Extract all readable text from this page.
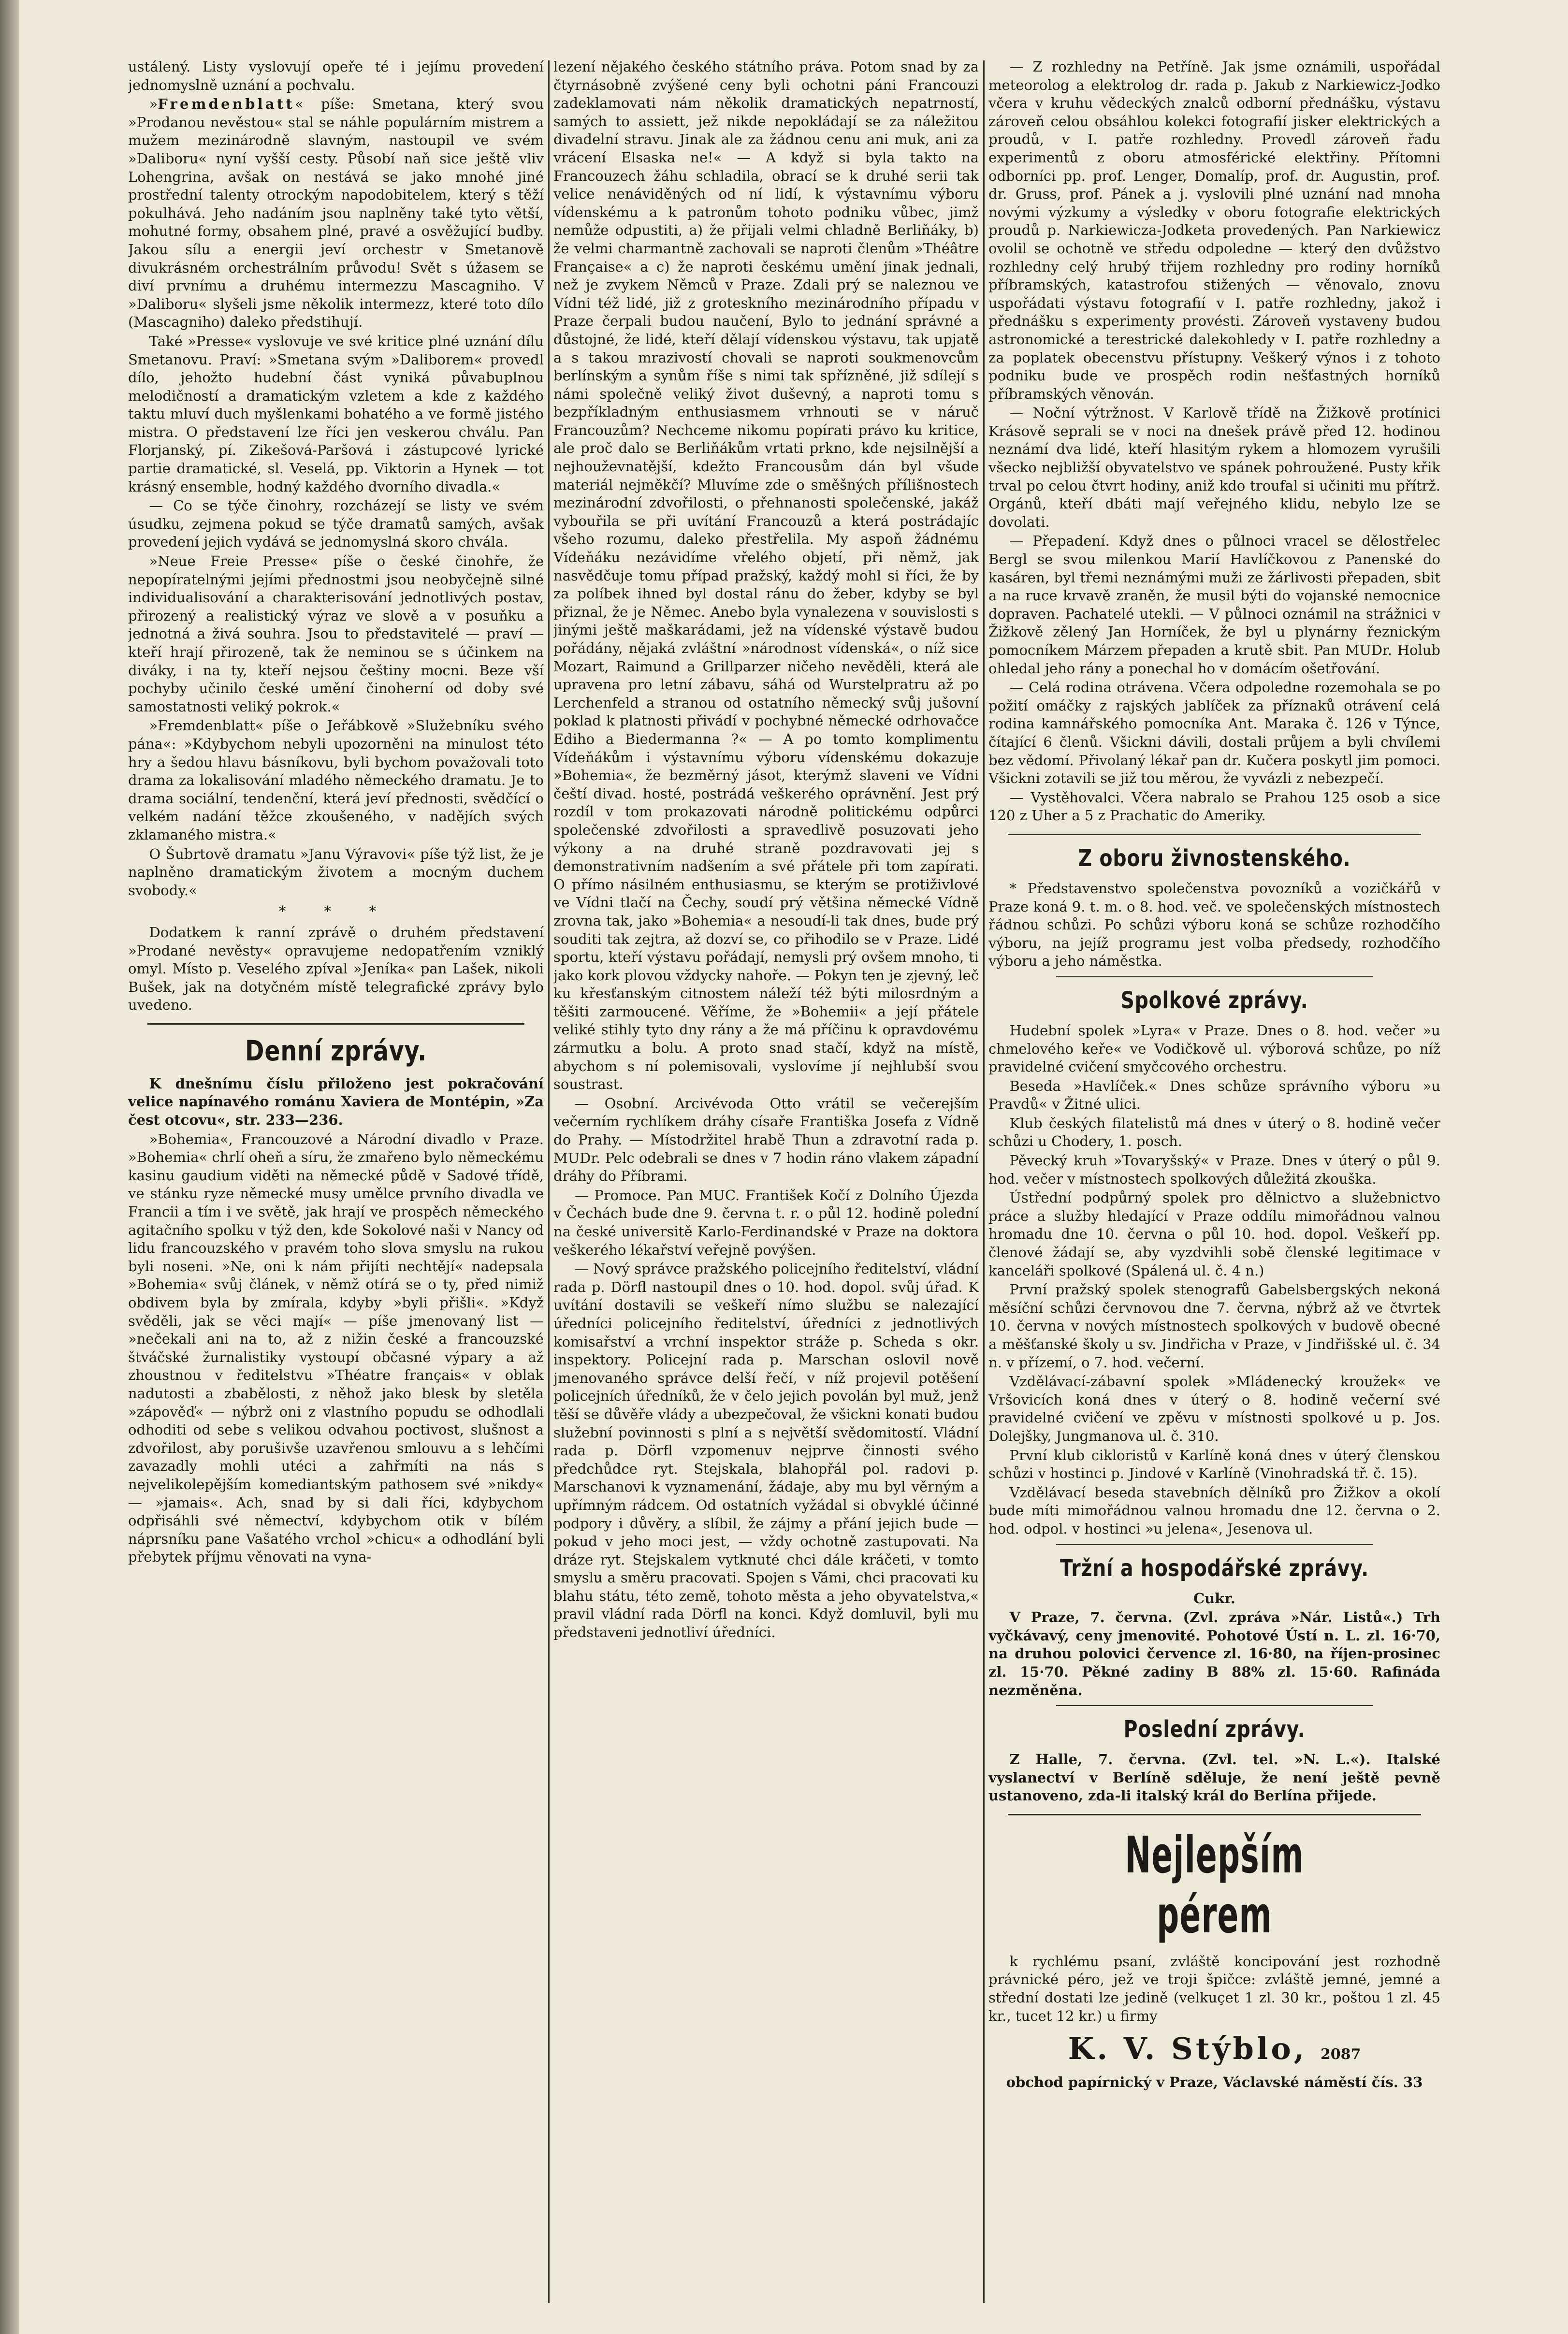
ustálený. Listy vyslovují opeře té i jejímu provedení jednomyslně uznání a pochvalu.

»Fremdenblatt« píše: Smetana, který svou »Prodanou nevěstou« stal se náhle populárním mistrem a mužem mezinárodně slavným, nastoupil ve svém »Daliboru« nyní vyšší cesty. Působí naň sice ještě vliv Lohengrina, avšak on nestává se jako mnohé jiné prostřední talenty otrockým napodobitelem, který s těží pokulhává. Jeho nadáním jsou naplněny také tyto větší, mohutné formy, obsahem plné, pravé a osvěžující budby. Jakou sílu a energii jeví orchestr v Smetanově divukrásném orchestrálním průvodu! Svět s úžasem se diví prvnímu a druhému intermezzu Mascagniho. V »Daliboru« slyšeli jsme několik intermezz, které toto dílo (Mascagniho) daleko předstihují.

Také »Presse« vyslovuje ve své kritice plné uznání dílu Smetanovu. Praví: »Smetana svým »Daliborem« provedl dílo, jehožto hudební část vyniká půvabuplnou melodičností a dramatickým vzletem a kde z každého taktu mluví duch myšlenkami bohatého a ve formě jistého mistra. O představení lze říci jen veskerou chválu. Pan Florjanský, pí. Zikešová-Paršová i zástupcové lyrické partie dramatické, sl. Veselá, pp. Viktorin a Hynek — tot krásný ensemble, hodný každého dvorního divadla.«

— Co se týče činohry, rozcházejí se listy ve svém úsudku, zejmena pokud se týče dramatů samých, avšak provedení jejich vydává se jednomyslná skoro chvála.

»Neue Freie Presse« píše o české činohře, že nepopíratelnými jejími přednostmi jsou neobyčejně silné individualisování a charakterisování jednotlivých postav, přirozený a realistický výraz ve slově a v posuňku a jednotná a živá souhra. Jsou to představitelé — praví — kteří hrají přirozeně, tak že neminou se s účinkem na diváky, i na ty, kteří nejsou češtiny mocni. Beze vší pochyby učinilo české umění činoherní od doby své samostatnosti veliký pokrok.«

»Fremdenblatt« píše o Jeřábkově »Služebníku svého pána«: »Kdybychom nebyli upozorněni na minulost této hry a šedou hlavu básníkovu, byli bychom považovali toto drama za lokalisování mladého německého dramatu. Je to drama sociální, tendenční, která jeví přednosti, svědčící o velkém nadání těžce zkoušeného, v nadějích svých zklamaného mistra.«

O Šubrtově dramatu »Janu Výravovi« píše týž list, že je naplněno dramatickým životem a mocným duchem svobody.«

* * *

Dodatkem k ranní zprávě o druhém představení »Prodané nevěsty« opravujeme nedopatřením vzniklý omyl. Místo p. Veselého zpíval »Jeníka« pan Lašek, nikoli Bušek, jak na dotyčném místě telegrafické zprávy bylo uvedeno.

Denní zprávy.

K dnešnímu číslu přiloženo jest pokračování velice napínavého románu Xaviera de Montépin, »Za čest otcovu«, str. 233—236.

»Bohemia«, Francouzové a Národní divadlo v Praze. »Bohemia« chrlí oheň a síru, že zmařeno bylo německému kasinu gaudium viděti na německé půdě v Sadové třídě, ve stánku ryze německé musy umělce prvního divadla ve Francii a tím i ve světě, jak hrají ve prospěch německého agitačního spolku v týž den, kde Sokolové naši v Nancy od lidu francouzského v pravém toho slova smyslu na rukou byli noseni. »Ne, oni k nám přijíti nechtějí« nadepsala »Bohemia« svůj článek, v němž otírá se o ty, před nimiž obdivem byla by zmírala, kdyby »byli přišli«. »Když svěděli, jak se věci mají« — píše jmenovaný list — »nečekali ani na to, až z nižin české a francouzské štváčské žurnalistiky vystoupí občasné výpary a až zhoustnou v ředitelstvu »Théatre français« v oblak nadutosti a zbabělosti, z něhož jako blesk by sletěla »zápověď« — nýbrž oni z vlastního popudu se odhodlali odhoditi od sebe s velikou odvahou poctivost, slušnost a zdvořilost, aby porušivše uzavřenou smlouvu a s lehčími zavazadly mohli utéci a zahřmíti na nás s nejvelikolepějším komediantským pathosem své »nikdy« — »jamais«. Ach, snad by si dali říci, kdybychom odpřisáhli své němectví, kdybychom otik v bílém náprsníku pane Vašatého vrchol »chicu« a odhodlání byli přebytek příjmu věnovati na vyna-

lezení nějakého českého státního práva. Potom snad by za čtyrnásobně zvýšené ceny byli ochotni páni Francouzi zadeklamovati nám několik dramatických nepatrností, samých to assiett, jež nikde nepokládají se za náležitou divadelní stravu. Jinak ale za žádnou cenu ani muk, ani za vrácení Elsaska ne!« — A když si byla takto na Francouzech žáhu schladila, obrací se k druhé serii tak velice nenáviděných od ní lidí, k výstavnímu výboru vídenskému a k patronům tohoto podniku vůbec, jimž nemůže odpustiti, a) že přijali velmi chladně Berliňáky, b) že velmi charmantně zachovali se naproti členům »Théâtre Française« a c) že naproti českému umění jinak jednali, než je zvykem Němců v Praze. Zdali prý se naleznou ve Vídni též lidé, již z groteskního mezinárodního případu v Praze čerpali budou naučení, Bylo to jednání správné a důstojné, že lidé, kteří dělají vídenskou výstavu, tak upjatě a s takou mrazivostí chovali se naproti soukmenovcům berlínským a synům říše s nimi tak spřízněné, již sdílejí s námi společně veliký život duševný, a naproti tomu s bezpříkladným enthusiasmem vrhnouti se v náruč Francouzům? Nechceme nikomu popírati právo ku kritice, ale proč dalo se Berliňákům vrtati prkno, kde nejsilnější a nejhouževnatější, kdežto Francousům dán byl všude materiál nejměkčí? Mluvíme zde o směšných přílišnostech mezinárodní zdvořilosti, o přehnanosti společenské, jakáž vybouřila se při uvítání Francouzů a která postrádajíc všeho rozumu, daleko přestřelila. My aspoň žádnému Vídeňáku nezávidíme vřelého objetí, při němž, jak nasvědčuje tomu případ pražský, každý mohl si říci, že by za políbek ihned byl dostal ránu do žeber, kdyby se byl přiznal, že je Němec. Anebo byla vynalezena v souvislosti s jinými ještě maškarádami, jež na vídenské výstavě budou pořádány, nějaká zvláštní »národnost vídenská«, o níž sice Mozart, Raimund a Grillparzer ničeho nevěděli, která ale upravena pro letní zábavu, sáhá od Wurstelpratru až po Lerchenfeld a stranou od ostatního německý svůj jušovní poklad k platnosti přivádí v pochybné německé odrhovačce Ediho a Biedermanna ?« — A po tomto komplimentu Vídeňákům i výstavnímu výboru vídenskému dokazuje »Bohemia«, že bezměrný jásot, kterýmž slaveni ve Vídni čeští divad. hosté, postrádá veškerého oprávnění. Jest prý rozdíl v tom prokazovati národně politickému odpůrci společenské zdvořilosti a spravedlivě posuzovati jeho výkony a na druhé straně pozdravovati jej s demonstrativním nadšením a své přátele při tom zapírati. O přímo násilném enthusiasmu, se kterým se protiživlové ve Vídni tlačí na Čechy, soudí prý většina německé Vídně zrovna tak, jako »Bohemia« a nesoudí-li tak dnes, bude prý souditi tak zejtra, až dozví se, co přihodilo se v Praze. Lidé sportu, kteří výstavu pořádají, nemysli prý ovšem mnoho, ti jako kork plovou vždycky nahoře. — Pokyn ten je zjevný, leč ku křesťanským citnostem náleží též býti milosrdným a těšiti zarmoucené. Věříme, že »Bohemii« a její přátele veliké stihly tyto dny rány a že má příčinu k opravdovému zármutku a bolu. A proto snad stačí, když na místě, abychom s ní polemisovali, vyslovíme jí nejhlubší svou soustrast.

— Osobní. Arcivévoda Otto vrátil se večerejším večerním rychlíkem dráhy císaře Františka Josefa z Vídně do Prahy. — Místodržitel hrabě Thun a zdravotní rada p. MUDr. Pelc odebrali se dnes v 7 hodin ráno vlakem západní dráhy do Příbrami.

— Promoce. Pan MUC. František Kočí z Dolního Újezda v Čechách bude dne 9. června t. r. o půl 12. hodině polední na české universitě Karlo-Ferdinandské v Praze na doktora veškerého lékařství veřejně povýšen.

— Nový správce pražského policejního ředitelství, vládní rada p. Dörfl nastoupil dnes o 10. hod. dopol. svůj úřad. K uvítání dostavili se veškeří nímo službu se nalezající úředníci policejního ředitelství, úředníci z jednotlivých komisařství a vrchní inspektor stráže p. Scheda s okr. inspektory. Policejní rada p. Marschan oslovil nově jmenovaného správce delší řečí, v níž projevil potěšení policejních úředníků, že v čelo jejich povolán byl muž, jenž těší se důvěře vlády a ubezpečoval, že všickni konati budou služební povinnosti s plní a s největší svědomitostí. Vládní rada p. Dörfl vzpomenuv nejprve činnosti svého předchůdce ryt. Stejskala, blahopřál pol. radovi p. Marschanovi k vyznamenání, žádaje, aby mu byl věrným a upřímným rádcem. Od ostatních vyžádal si obvyklé účinné podpory i důvěry, a slíbil, že zájmy a přání jejich bude — pokud v jeho moci jest, — vždy ochotně zastupovati. Na dráze ryt. Stejskalem vytknuté chci dále kráčeti, v tomto smyslu a směru pracovati. Spojen s Vámi, chci pracovati ku blahu státu, této země, tohoto města a jeho obyvatelstva,« pravil vládní rada Dörfl na konci. Když domluvil, byli mu představeni jednotliví úředníci.

— Z rozhledny na Petříně. Jak jsme oznámili, uspořádal meteorolog a elektrolog dr. rada p. Jakub z Narkiewicz-Jodko včera v kruhu vědeckých znalců odborní přednášku, výstavu zároveň celou obsáhlou kolekci fotografií jisker elektrických a proudů, v I. patře rozhledny. Provedl zároveň řadu experimentů z oboru atmosférické elektřiny. Přítomni odborníci pp. prof. Lenger, Domalíp, prof. dr. Augustin, prof. dr. Gruss, prof. Pánek a j. vyslovili plné uznání nad mnoha novými výzkumy a výsledky v oboru fotografie elektrických proudů p. Narkiewicza-Jodketa provedených. Pan Narkiewicz ovolil se ochotně ve středu odpoledne — který den dvůžstvo rozhledny celý hrubý třijem rozhledny pro rodiny horníků příbramských, katastrofou stižených — věnovalo, znovu uspořádati výstavu fotografií v I. patře rozhledny, jakož i přednášku s experimenty provésti. Zároveň vystaveny budou astronomické a terestrické dalekohledy v I. patře rozhledny a za poplatek obecenstvu přístupny. Veškerý výnos i z tohoto podniku bude ve prospěch rodin nešťastných horníků příbramských věnován.

— Noční výtržnost. V Karlově třídě na Žižkově protínici Krásově seprali se v noci na dnešek právě před 12. hodinou neznámí dva lidé, kteří hlasitým rykem a hlomozem vyrušili všecko nejbližší obyvatelstvo ve spánek pohroužené. Pusty křik trval po celou čtvrt hodiny, aniž kdo troufal si učiniti mu přítrž. Orgánů, kteří dbáti mají veřejného klidu, nebylo lze se dovolati.

— Přepadení. Když dnes o půlnoci vracel se dělostřelec Bergl se svou milenkou Marií Havlíčkovou z Panenské do kasáren, byl třemi neznámými muži ze žárlivosti přepaden, sbit a na ruce krvavě zraněn, že musil býti do vojanské nemocnice dopraven. Pachatelé utekli. — V půlnoci oznámil na strážnici v Žižkově zělený Jan Horníček, že byl u plynárny řeznickým pomocníkem Márzem přepaden a krutě sbit. Pan MUDr. Holub ohledal jeho rány a ponechal ho v domácím ošetřování.

— Celá rodina otrávena. Včera odpoledne rozemohala se po požití omáčky z rajských jablíček za příznaků otrávení celá rodina kamnářského pomocníka Ant. Maraka č. 126 v Týnce, čítající 6 členů. Všickni dávili, dostali průjem a byli chvílemi bez vědomí. Přivolaný lékař pan dr. Kučera poskytl jim pomoci. Všickni zotavili se již tou měrou, že vyvázli z nebezpečí.

— Vystěhovalci. Včera nabralo se Prahou 125 osob a sice 120 z Uher a 5 z Prachatic do Ameriky.

Z oboru živnostenského.

* Představenstvo společenstva povozníků a vozičkářů v Praze koná 9. t. m. o 8. hod. več. ve společenských místnostech řádnou schůzi. Po schůzi výboru koná se schůze rozhodčího výboru, na jejíž programu jest volba předsedy, rozhodčího výboru a jeho náměstka.

Spolkové zprávy.

Hudební spolek »Lyra« v Praze. Dnes o 8. hod. večer »u chmelového keře« ve Vodičkově ul. výborová schůze, po níž pravidelné cvičení smyčcového orchestru.

Beseda »Havlíček.« Dnes schůze správního výboru »u Pravdů« v Žitné ulici.

Klub českých filatelistů má dnes v úterý o 8. hodině večer schůzi u Chodery, 1. posch.

Pěvecký kruh »Tovaryšský« v Praze. Dnes v úterý o půl 9. hod. večer v místnostech spolkových důležitá zkouška.

Ústřední podpůrný spolek pro dělnictvo a služebnictvo práce a služby hledající v Praze oddílu mimořádnou valnou hromadu dne 10. června o půl 10. hod. dopol. Veškeří pp. členové žádají se, aby vyzdvihli sobě členské legitimace v kanceláři spolkové (Spálená ul. č. 4 n.)

První pražský spolek stenografů Gabelsbergských nekoná měsíční schůzi červnovou dne 7. června, nýbrž až ve čtvrtek 10. června v nových místnostech spolkových v budově obecné a měšťanské školy u sv. Jindřicha v Praze, v Jindřišské ul. č. 34 n. v přízemí, o 7. hod. večerní.

Vzdělávací-zábavní spolek »Mládenecký kroužek« ve Vršovicích koná dnes v úterý o 8. hodině večerní své pravidelné cvičení ve zpěvu v místnosti spolkové u p. Jos. Dolejšky, Jungmanova ul. č. 310.

První klub cikloristů v Karlíně koná dnes v úterý členskou schůzi v hostinci p. Jindové v Karlíně (Vinohradská tř. č. 15).

Vzdělávací beseda stavebních dělníků pro Žižkov a okolí bude míti mimořádnou valnou hromadu dne 12. června o 2. hod. odpol. v hostinci »u jelena«, Jesenova ul.

Tržní a hospodářské zprávy.

Cukr.

V Praze, 7. června. (Zvl. zpráva »Nár. Listů«.) Trh vyčkávavý, ceny jmenovité. Pohotové Ústí n. L. zl. 16·70, na druhou polovici července zl. 16·80, na říjen-prosinec zl. 15·70. Pěkné zadiny B 88% zl. 15·60. Rafináda nezměněna.

Poslední zprávy.

Z Halle, 7. června. (Zvl. tel. »N. L.«). Italské vyslanectví v Berlíně sděluje, že není ještě pevně ustanoveno, zda-li italský král do Berlína přijede.

Nejlepším pérem

k rychlému psaní, zvláště koncipování jest rozhodně právnické péro, jež ve troji špičce: zvláště jemné, jemné a střední dostati lze jedině (velkuçet 1 zl. 30 kr., poštou 1 zl. 45 kr., tucet 12 kr.) u firmy

K. V. Stýblo, 2087

obchod papírnický v Praze, Václavské náměstí čís. 33
